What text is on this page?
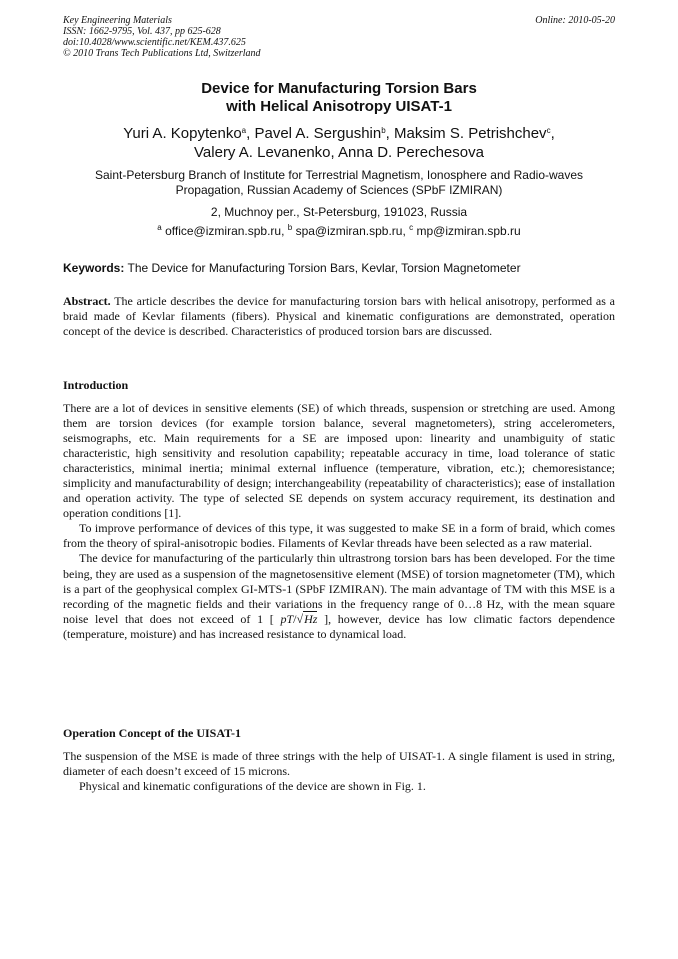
Key Engineering Materials
ISSN: 1662-9795, Vol. 437, pp 625-628
doi:10.4028/www.scientific.net/KEM.437.625
© 2010 Trans Tech Publications Ltd, Switzerland
Online: 2010-05-20
Device for Manufacturing Torsion Bars
with Helical Anisotropy UISAT-1
Yuri A. Kopytenko$^a$, Pavel A. Sergushin$^b$, Maksim S. Petrishchev$^c$,
Valery A. Levanenko, Anna D. Perechesova
Saint-Petersburg Branch of Institute for Terrestrial Magnetism, Ionosphere and Radio-waves
Propagation, Russian Academy of Sciences (SPbF IZMIRAN)
2, Muchnoy per., St-Petersburg, 191023, Russia
$^a$ office@izmiran.spb.ru, $^b$ spa@izmiran.spb.ru, $^c$ mp@izmiran.spb.ru
Keywords: The Device for Manufacturing Torsion Bars, Kevlar, Torsion Magnetometer
Abstract. The article describes the device for manufacturing torsion bars with helical anisotropy, performed as a braid made of Kevlar filaments (fibers). Physical and kinematic configurations are demonstrated, operation concept of the device is described. Characteristics of produced torsion bars are discussed.
Introduction

There are a lot of devices in sensitive elements (SE) of which threads, suspension or stretching are used. Among them are torsion devices (for example torsion balance, several magnetometers), string accelerometers, seismographs, etc. Main requirements for a SE are imposed upon: linearity and unambiguity of static characteristic, high sensitivity and resolution capability; repeatable accuracy in time, load tolerance of static characteristics, minimal inertia; minimal external influence (temperature, vibration, etc.); chemoresistance; simplicity and manufacturability of design; interchangeability (repeatability of characteristics); ease of installation and operation activity. The type of selected SE depends on system accuracy requirement, its destination and operation conditions [1].

To improve performance of devices of this type, it was suggested to make SE in a form of braid, which comes from the theory of spiral-anisotropic bodies. Filaments of Kevlar threads have been selected as a raw material.

The device for manufacturing of the particularly thin ultrastrong torsion bars has been developed. For the time being, they are used as a suspension of the magnetosensitive element (MSE) of torsion magnetometer (TM), which is a part of the geophysical complex GI-MTS-1 (SPbF IZMIRAN). The main advantage of TM with this MSE is a recording of the magnetic fields and their variations in the frequency range of 0…8 Hz, with the mean square noise level that does not exceed of 1 [ pT/√Hz ], however, device has low climatic factors dependence (temperature, moisture) and has increased resistance to dynamical load.

Operation Concept of the UISAT-1

The suspension of the MSE is made of three strings with the help of UISAT-1. A single filament is used in string, diameter of each doesn’t exceed of 15 microns.

Physical and kinematic configurations of the device are shown in Fig. 1.
